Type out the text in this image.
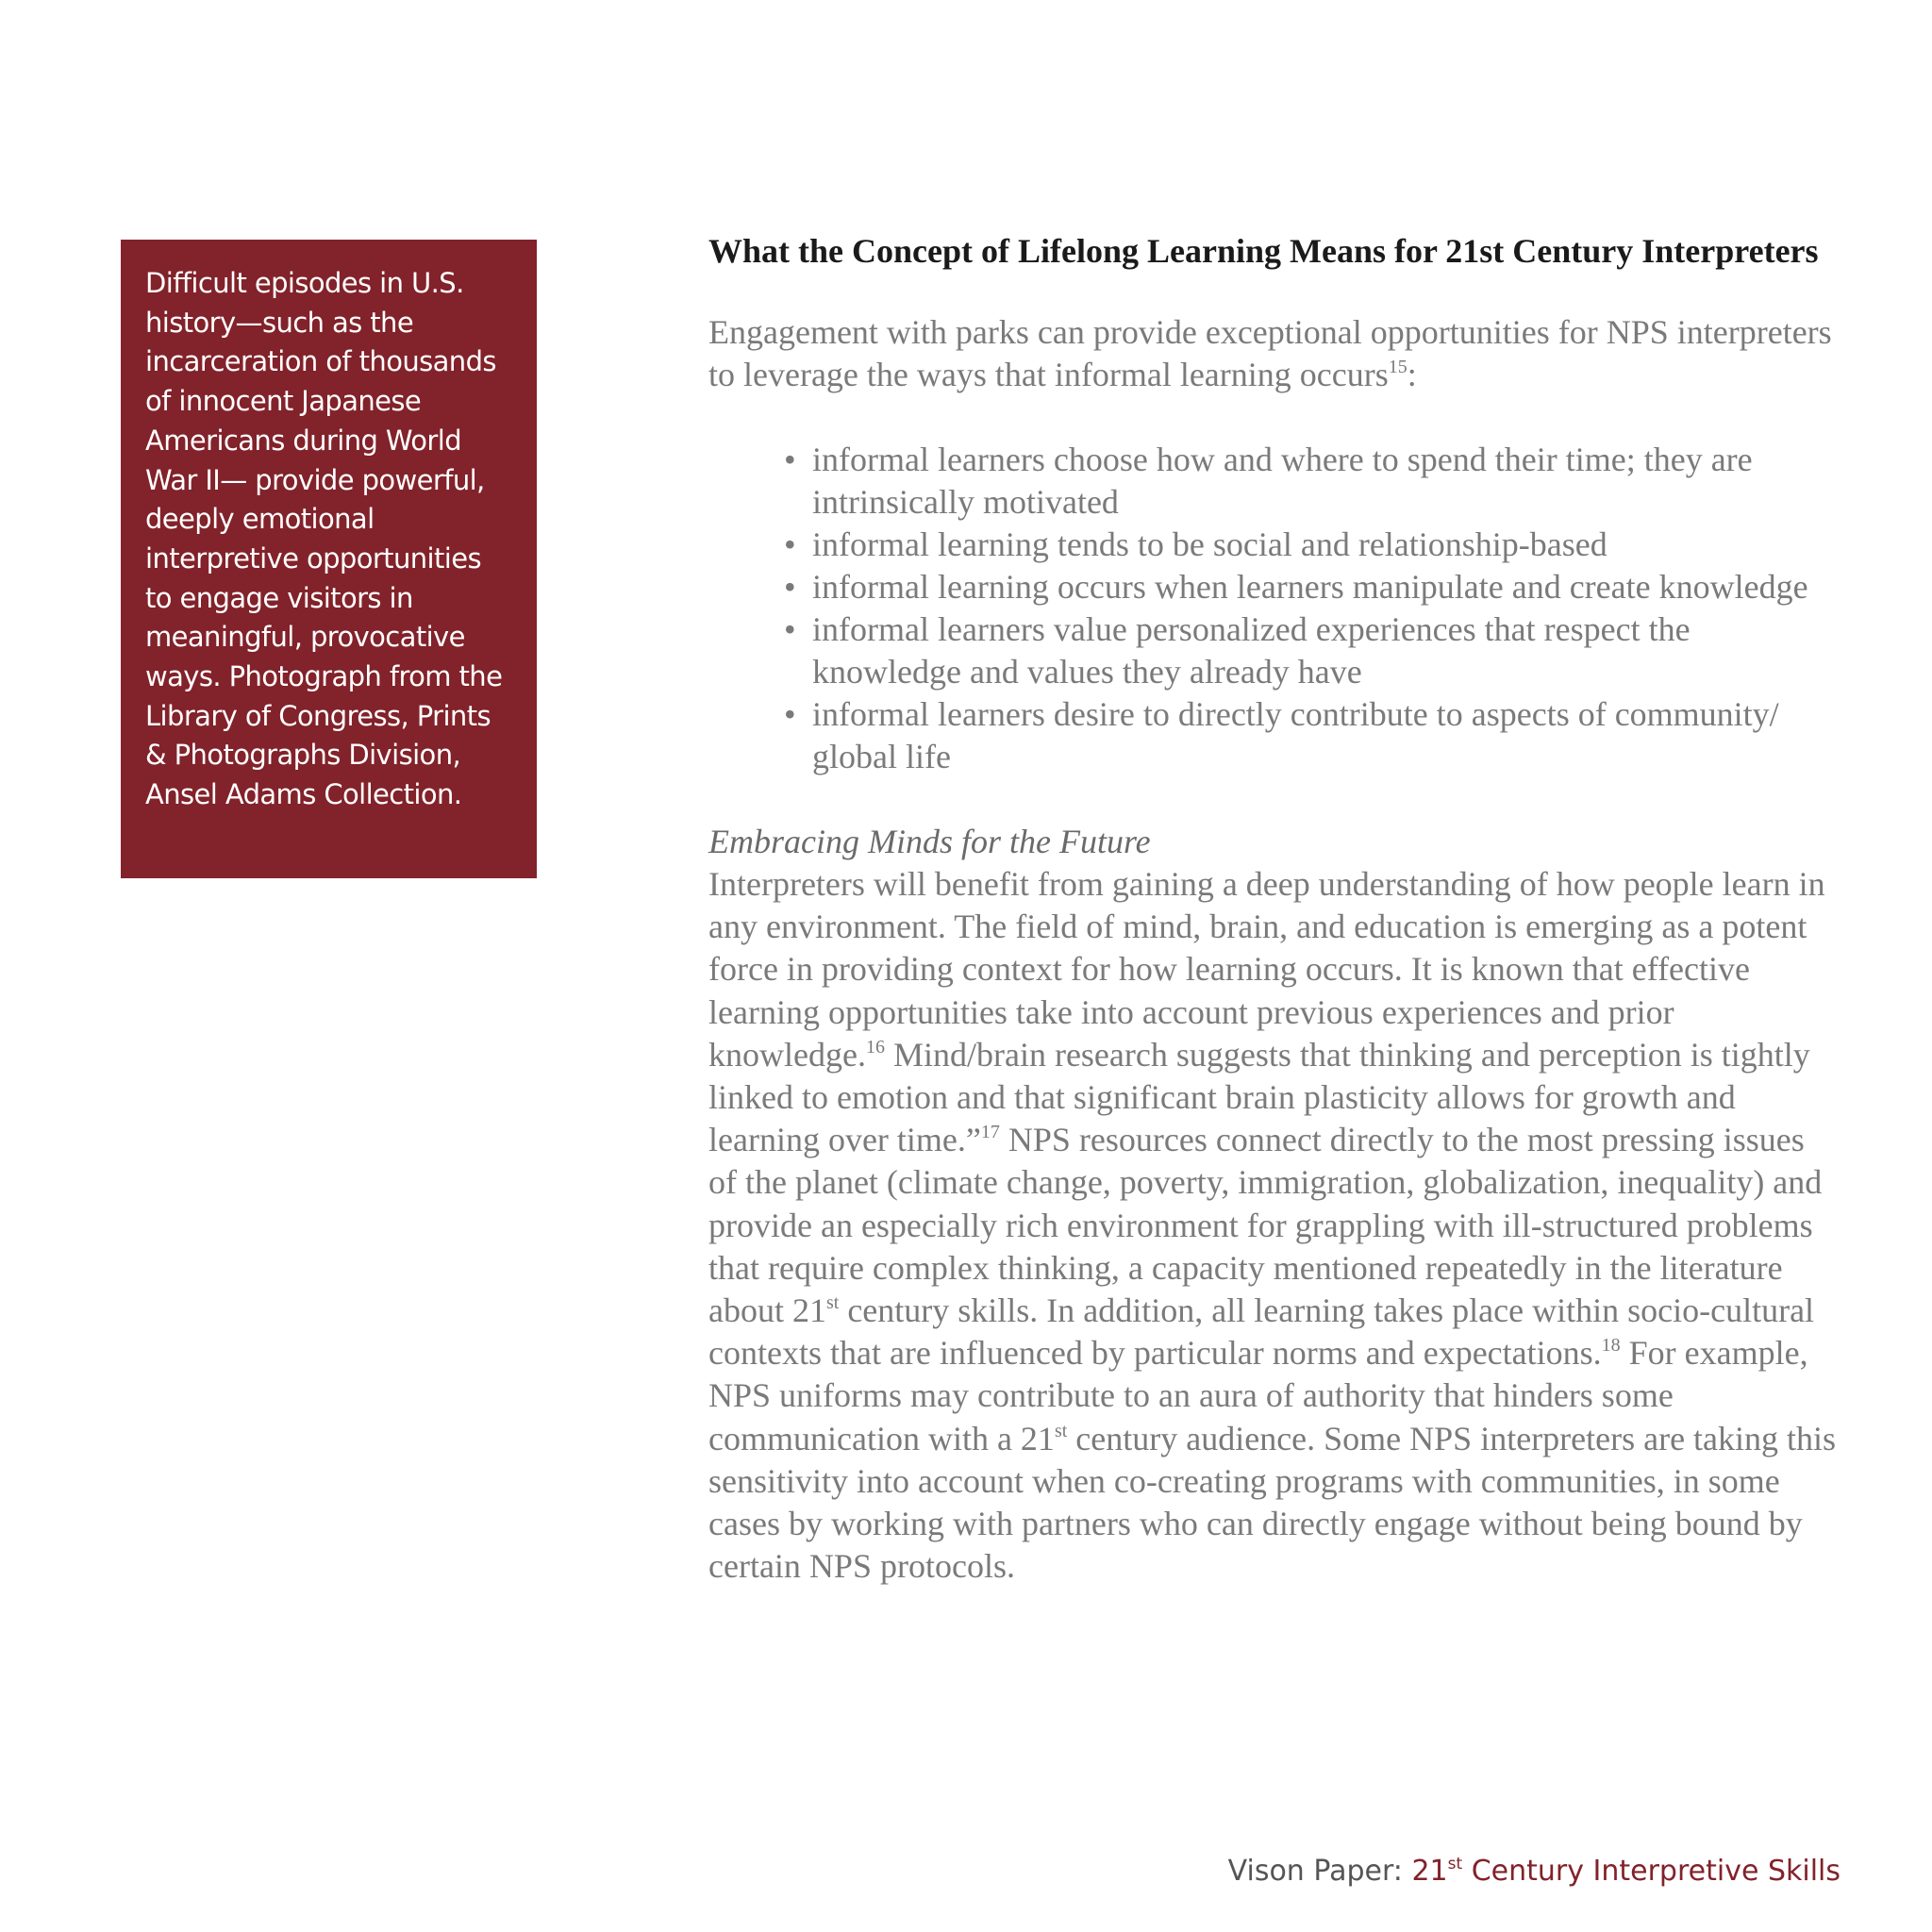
Difficult episodes in U.S. history—such as the incarceration of thousands of innocent Japanese Americans during World War II— provide powerful, deeply emotional interpretive opportunities to engage visitors in meaningful, provocative ways. Photograph from the Library of Congress, Prints & Photographs Division, Ansel Adams Collection.

What the Concept of Lifelong Learning Means for 21st Century Interpreters

Engagement with parks can provide exceptional opportunities for NPS interpreters to leverage the ways that informal learning occurs$^{15}$:

• informal learners choose how and where to spend their time; they are intrinsically motivated
• informal learning tends to be social and relationship-based
• informal learning occurs when learners manipulate and create knowledge
• informal learners value personalized experiences that respect the knowledge and values they already have
• informal learners desire to directly contribute to aspects of community/ global life

Embracing Minds for the Future

Interpreters will benefit from gaining a deep understanding of how people learn in any environment. The field of mind, brain, and education is emerging as a potent force in providing context for how learning occurs. It is known that effective learning opportunities take into account previous experiences and prior knowledge.$^{16}$ Mind/brain research suggests that thinking and perception is tightly linked to emotion and that significant brain plasticity allows for growth and learning over time.”$^{17}$ NPS resources connect directly to the most pressing issues of the planet (climate change, poverty, immigration, globalization, inequality) and provide an especially rich environment for grappling with ill-structured problems that require complex thinking, a capacity mentioned repeatedly in the literature about 21st century skills. In addition, all learning takes place within socio-cultural contexts that are influenced by particular norms and expectations.$^{18}$ For example, NPS uniforms may contribute to an aura of authority that hinders some communication with a 21st century audience. Some NPS interpreters are taking this sensitivity into account when co-creating programs with communities, in some cases by working with partners who can directly engage without being bound by certain NPS protocols.

Vison Paper: 21st Century Interpretive Skills
